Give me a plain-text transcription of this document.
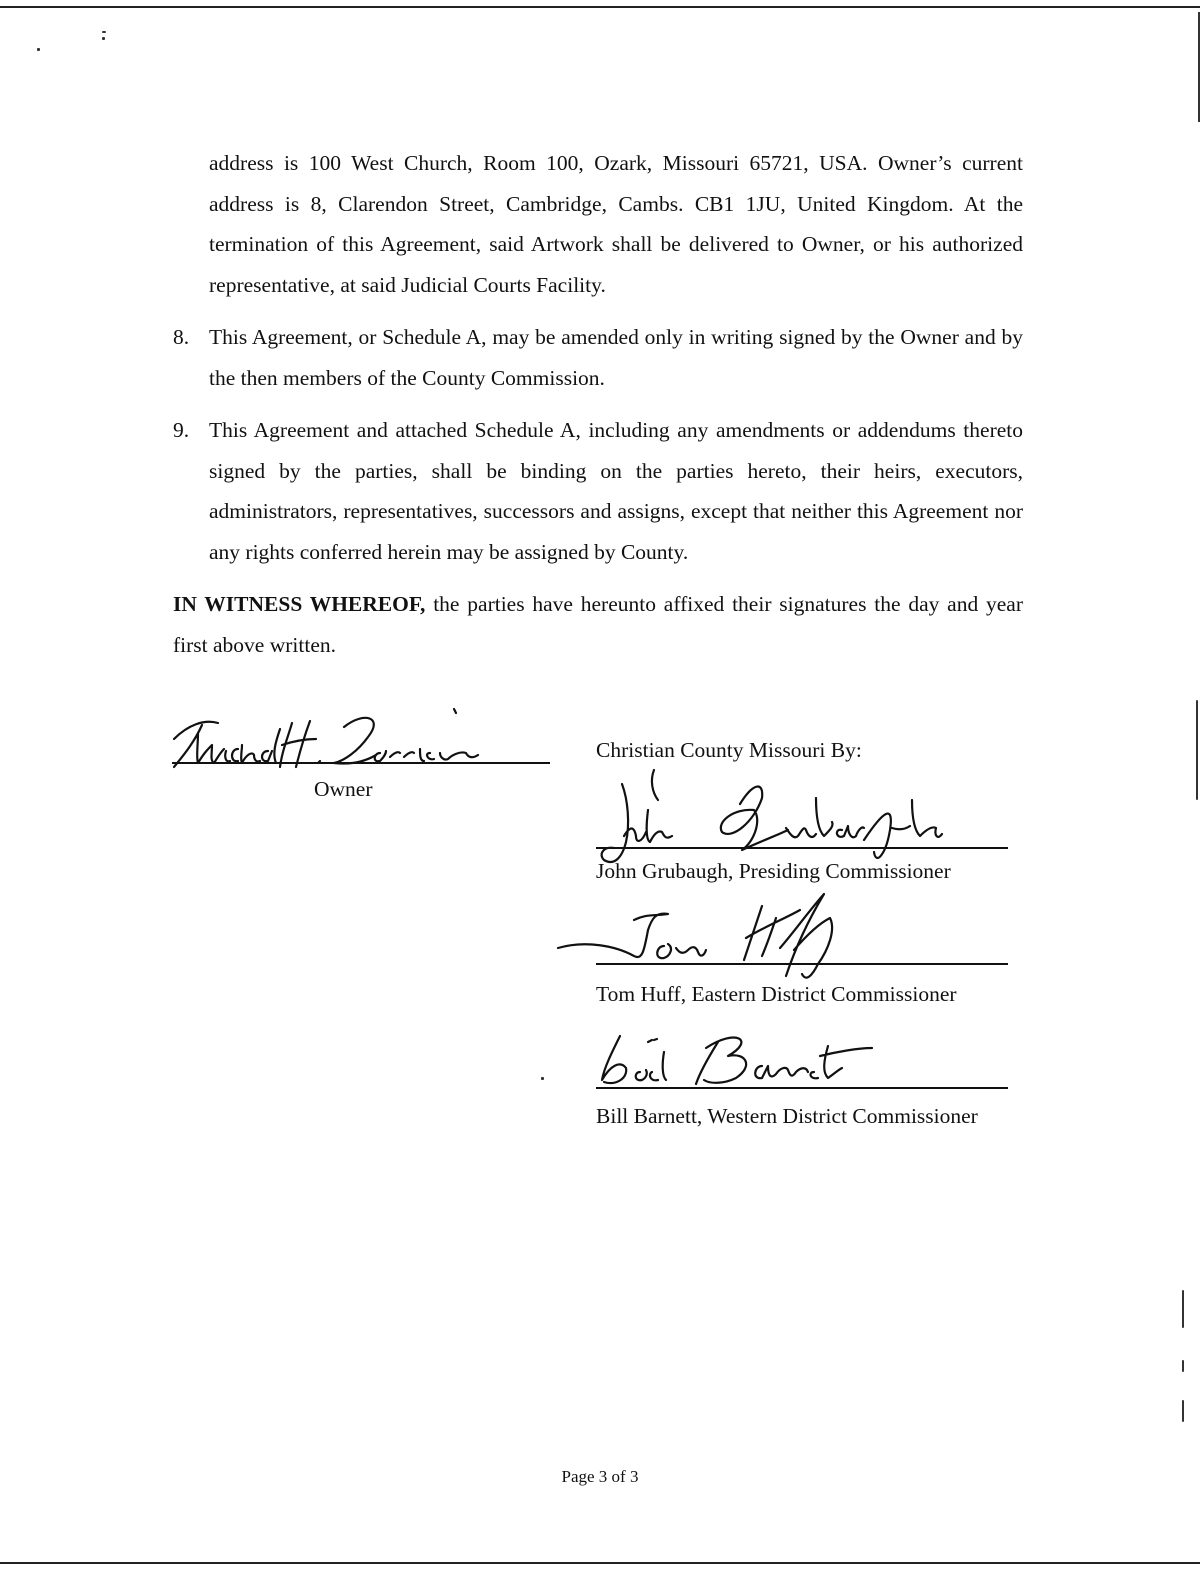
address is 100 West Church, Room 100, Ozark, Missouri 65721, USA. Owner’s current address is 8, Clarendon Street, Cambridge, Cambs. CB1 1JU, United Kingdom. At the termination of this Agreement, said Artwork shall be delivered to Owner, or his authorized representative, at said Judicial Courts Facility.
8. This Agreement, or Schedule A, may be amended only in writing signed by the Owner and by the then members of the County Commission.
9. This Agreement and attached Schedule A, including any amendments or addendums thereto signed by the parties, shall be binding on the parties hereto, their heirs, executors, administrators, representatives, successors and assigns, except that neither this Agreement nor any rights conferred herein may be assigned by County.
IN WITNESS WHEREOF, the parties have hereunto affixed their signatures the day and year first above written.
Owner
Christian County Missouri By:
John Grubaugh, Presiding Commissioner
Tom Huff, Eastern District Commissioner
Bill Barnett, Western District Commissioner
Page 3 of 3
